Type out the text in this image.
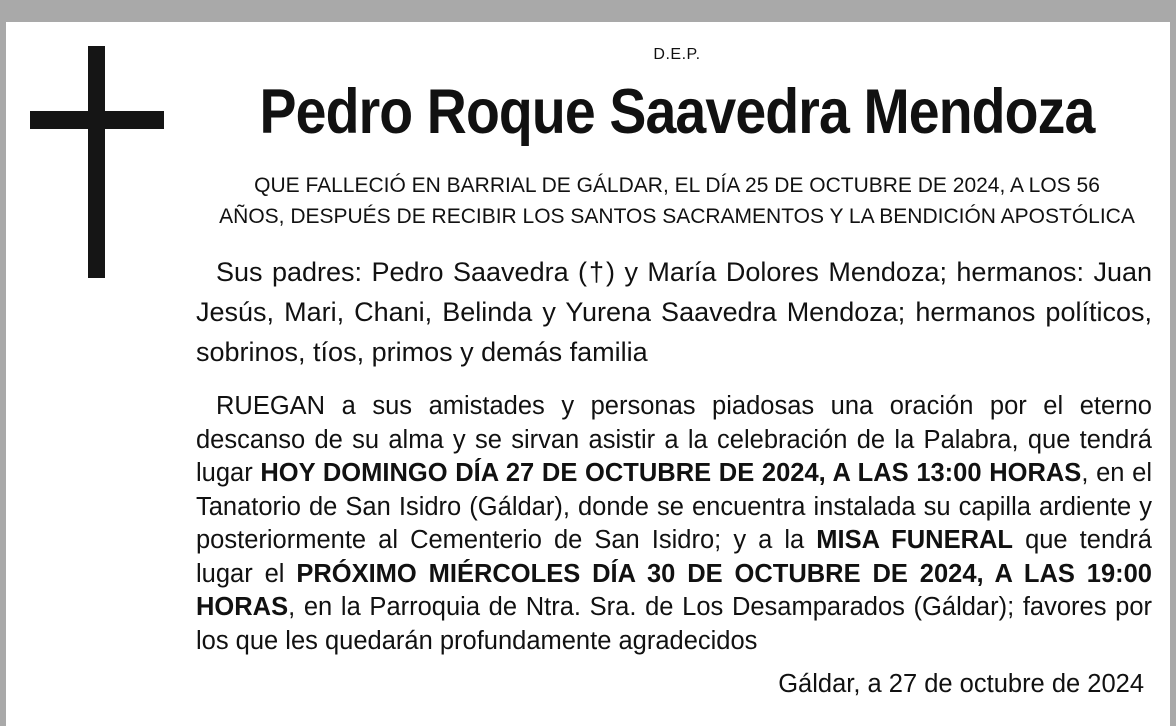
D.E.P.
Pedro Roque Saavedra Mendoza
QUE FALLECIÓ EN BARRIAL DE GÁLDAR, EL DÍA 25 DE OCTUBRE DE 2024, A LOS 56
AÑOS, DESPUÉS DE RECIBIR LOS SANTOS SACRAMENTOS Y LA BENDICIÓN APOSTÓLICA
Sus padres: Pedro Saavedra (†) y María Dolores Mendoza; hermanos: Juan Jesús, Mari, Chani, Belinda y Yurena Saavedra Mendoza; hermanos políticos, sobrinos, tíos, primos y demás familia
RUEGAN a sus amistades y personas piadosas una oración por el eterno descanso de su alma y se sirvan asistir a la celebración de la Palabra, que tendrá lugar HOY DOMINGO DÍA 27 DE OCTUBRE DE 2024, A LAS 13:00 HORAS, en el Tanatorio de San Isidro (Gáldar), donde se encuentra instalada su capilla ardiente y posteriormente al Cementerio de San Isidro; y a la MISA FUNERAL que tendrá lugar el PRÓXIMO MIÉRCOLES DÍA 30 DE OCTUBRE DE 2024, A LAS 19:00 HORAS, en la Parroquia de Ntra. Sra. de Los Desamparados (Gáldar); favores por los que les quedarán profundamente agradecidos
Gáldar, a 27 de octubre de 2024
